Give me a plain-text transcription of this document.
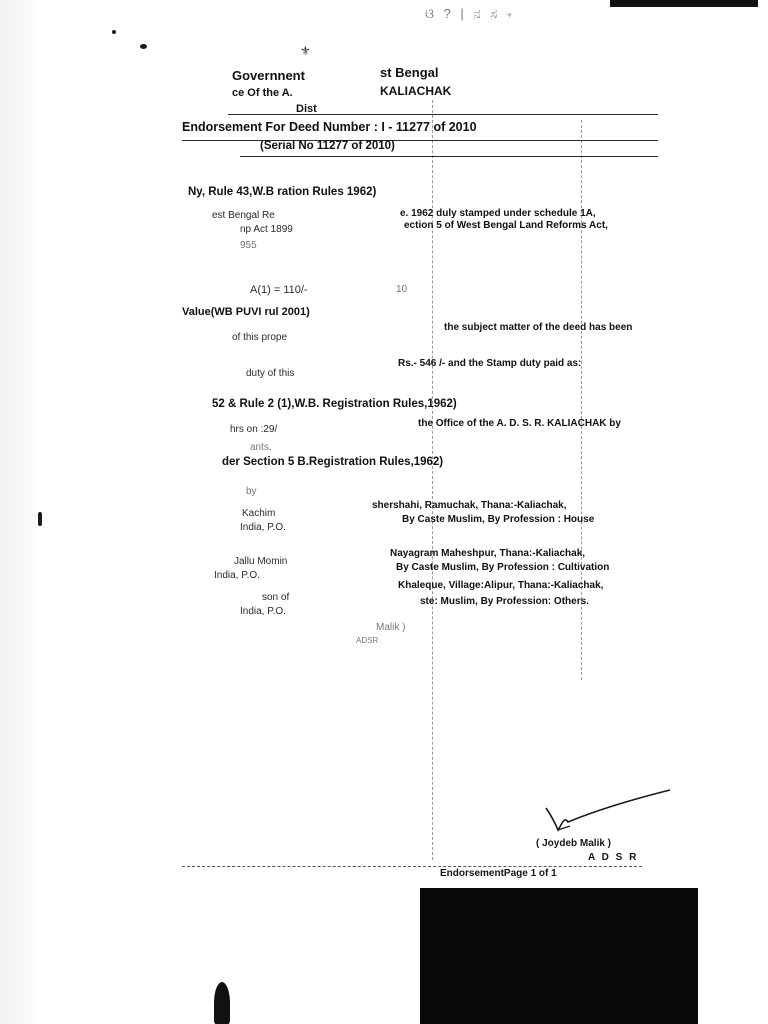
ଓ ? | ನ ಸ ∗
⚜
Governnent	st Bengal
ce Of the A.	KALIACHAK
Dist
Endorsement For Deed Number : I - 11277 of 2010
(Serial No 11277 of 2010)
Ny, Rule 43,W.B ration Rules 1962)
est Bengal Re	e. 1962 duly stamped under schedule 1A,
np Act 1899	ection 5 of West Bengal Land Reforms Act,
955
A(1) = 110/-	10
Value(WB PUVI rul 2001)
of this prope
the subject matter of the deed has been
duty of this
Rs.- 546 /- and the Stamp duty paid as:
52 & Rule 2 (1),W.B. Registration Rules,1962)
hrs on :29/
the Office of the A. D. S. R. KALIACHAK by
ants.
der Section 5 B.Registration Rules,1962)
by
Kachim
shershahi, Ramuchak, Thana:-Kaliachak,
India, P.O.
By Caste Muslim, By Profession : House
Jallu Momin
Nayagram Maheshpur, Thana:-Kaliachak,
India, P.O.
By Caste Muslim, By Profession : Cultivation
son of
Khaleque, Village:Alipur, Thana:-Kaliachak,
India, P.O.
ste: Muslim, By Profession: Others.
Malik )
ADSR
( Joydeb Malik )
A D S R
EndorsementPage 1 of 1
